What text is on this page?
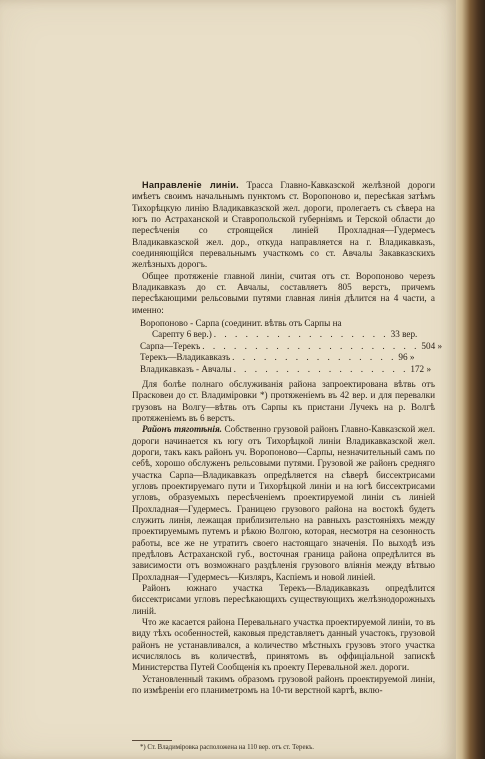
Направленіе линіи. Трасса Главно-Кавказской желѣзной дороги имѣетъ своимъ начальнымъ пунктомъ ст. Воропоново и, пересѣкая затѣмъ Тихорѣцкую линію Владикавказской жел. дороги, пролегаетъ съ сѣвера на югъ по Астраханской и Ставропольской губерніямъ и Терской области до пересѣченія со строящейся линіей Прохладная—Гудермесъ Владикавказской жел. дор., откуда направляется на г. Владикавказъ, соединяющійся перевальнымъ участкомъ со ст. Авчалы Закавказскихъ желѣзныхъ дорогъ.

Общее протяженіе главной линіи, считая отъ ст. Воропоново черезъ Владикавказъ до ст. Авчалы, составляетъ 805 верстъ, причемъ пересѣкающими рельсовыми путями главная линія дѣлится на 4 части, а именно:

Воропоново - Сарпа (соединит. вѣтвь отъ Сарпы на
Сарепту 6 вер.) . . . . . . . . . . . . . . . . . 33 вер.
Сарпа—Терекъ . . . . . . . . . . . . . . . . . . . . . 504 »
Терекъ—Владикавказъ . . . . . . . . . . . . . . . . 96 »
Владикавказъ - Авчалы . . . . . . . . . . . . . . . . . 172 »

Для болѣе полнаго обслуживанія района запроектирована вѣтвь отъ Прасковеи до ст. Владиміровки *) протяженіемъ въ 42 вер. и для перевалки грузовъ на Волгу—вѣтвь отъ Сарпы къ пристани Лучекъ на р. Волгѣ протяженіемъ въ 6 верстъ.

Районъ тяготѣнія. Собственно грузовой районъ Главно-Кавказской жел. дороги начинается къ югу отъ Тихорѣцкой линіи Владикавказской жел. дороги, такъ какъ районъ уч. Воропоново—Сарпы, незначительный самъ по себѣ, хорошо обслуженъ рельсовыми путями. Грузовой же районъ средняго участка Сарпа—Владикавказъ опредѣляется на сѣверѣ биссектрисами угловъ проектируемаго пути и Тихорѣцкой линіи и на югѣ биссектрисами угловъ, образуемыхъ пересѣченіемъ проектируемой линіи съ линіей Прохладная—Гудермесъ. Границею грузового района на востокѣ будетъ служить линія, лежащая приблизительно на равныхъ разстояніяхъ между проектируемымъ путемъ и рѣкою Волгою, которая, несмотря на сезонность работы, все же не утратитъ своего настоящаго значенія. По выходѣ изъ предѣловъ Астраханской губ., восточная граница района опредѣлится въ зависимости отъ возможнаго раздѣленія грузового вліянія между вѣтвью Прохладная—Гудермесъ—Кизляръ, Каспіемъ и новой линіей.

Районъ южнаго участка Терекъ—Владикавказъ опредѣлится биссектрисами угловъ пересѣкающихъ существующихъ желѣзнодорожныхъ линій.

Что же касается района Перевальнаго участка проектируемой линіи, то въ виду тѣхъ особенностей, каковыя представляетъ данный участокъ, грузовой районъ не устанавливался, а количество мѣстныхъ грузовъ этого участка исчислялось въ количествѣ, принятомъ въ оффиціальной запискѣ Министерства Путей Сообщенія къ проекту Перевальной жел. дороги.

Установленный такимъ образомъ грузовой районъ проектируемой линіи, по измѣреніи его планиметромъ на 10-ти верстной картѣ, вклю-

*) Ст. Владиміровка расположена на 110 вер. отъ ст. Терекъ.
